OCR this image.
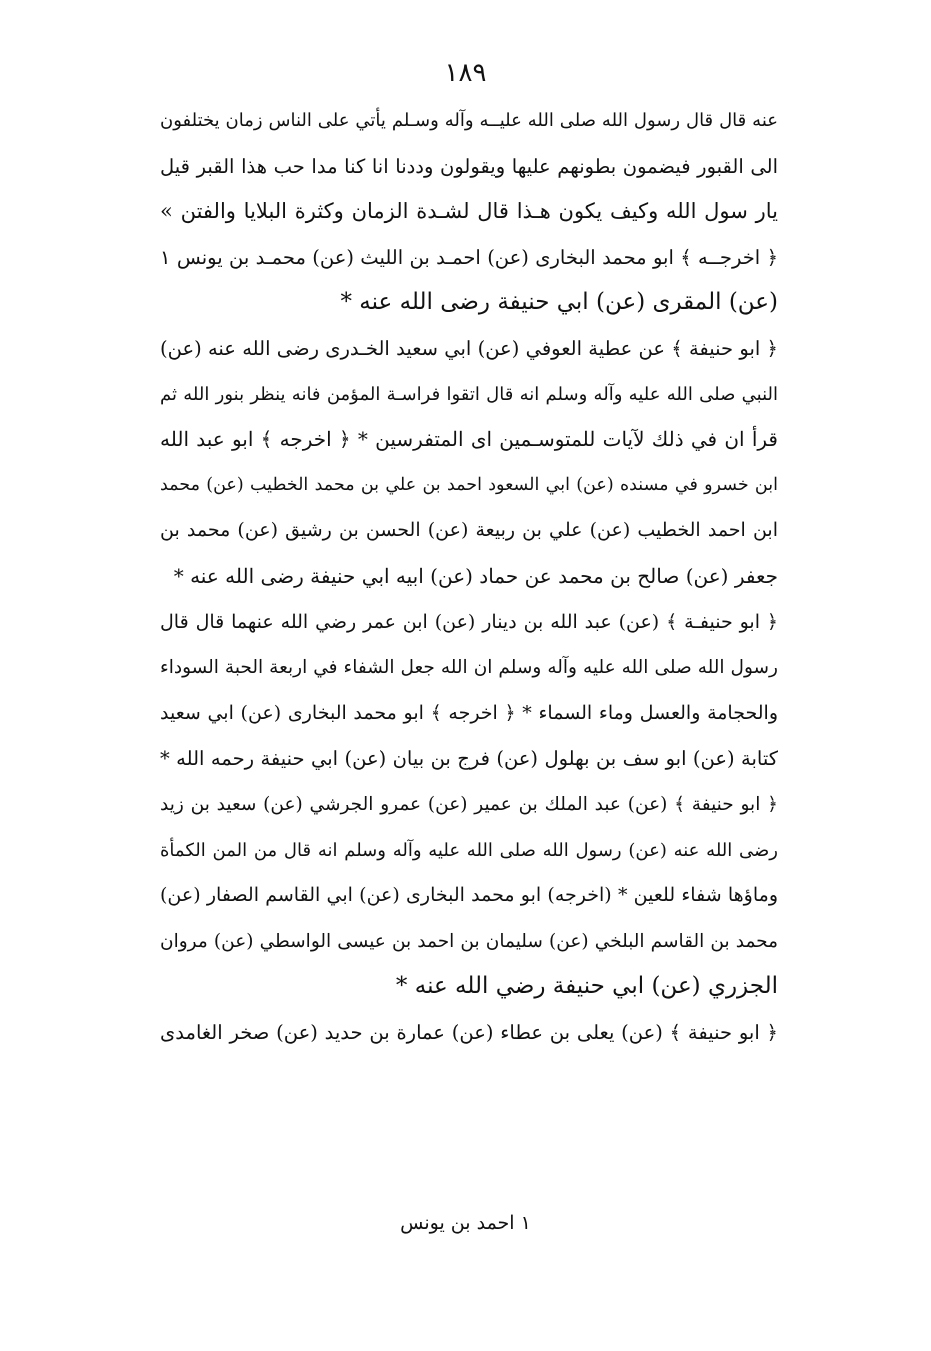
١٨٩
عنه قال قال رسول الله صلى الله عليــه وآله وسـلم يأتي على الناس زمان يختلفون
الى القبور فيضمون بطونهم عليها ويقولون وددنا انا كنا مدا حب هذا القبر قيل
يار سول الله وكيف يكون هـذا قال لشـدة الزمان وكثرة البلايا والفتن »
﴿ اخرجــه ﴾ ابو محمد البخارى (عن) احمـد بن الليث (عن) محمـد بن يونس ١
(عن) المقرى (عن) ابي حنيفة رضى الله عنه *
﴿ ابو حنيفة ﴾ عن عطية العوفي (عن) ابي سعيد الخـدرى رضى الله عنه (عن)
النبي صلى الله عليه وآله وسلم انه قال اتقوا فراسـة المؤمن فانه ينظر بنور الله ثم
قرأ ان في ذلك لآيات للمتوسـمين اى المتفرسين * ﴿ اخرجه ﴾ ابو عبد الله
ابن خسرو في مسنده (عن) ابي السعود احمد بن علي بن محمد الخطيب (عن) محمد
ابن احمد الخطيب (عن) علي بن ربيعة (عن) الحسن بن رشيق (عن) محمد بن
جعفر (عن) صالح بن محمد عن حماد (عن) ابيه ابي حنيفة رضى الله عنه *
﴿ ابو حنيفـة ﴾ (عن) عبد الله بن دينار (عن) ابن عمر رضي الله عنهما قال قال
رسول الله صلى الله عليه وآله وسلم ان الله جعل الشفاء في اربعة الحبة السوداء
والحجامة والعسل وماء السماء * ﴿ اخرجه ﴾ ابو محمد البخارى (عن) ابي سعيد
كتابة (عن) ابو سف بن بهلول (عن) فرج بن بيان (عن) ابي حنيفة رحمه الله *
﴿ ابو حنيفة ﴾ (عن) عبد الملك بن عمير (عن) عمرو الجرشي (عن) سعيد بن زيد
رضى الله عنه (عن) رسول الله صلى الله عليه وآله وسلم انه قال من المن الكمأة
وماؤها شفاء للعين * (اخرجه) ابو محمد البخارى (عن) ابي القاسم الصفار (عن)
محمد بن القاسم البلخي (عن) سليمان بن احمد بن عيسى الواسطي (عن) مروان
الجزري (عن) ابي حنيفة رضي الله عنه *
﴿ ابو حنيفة ﴾ (عن) يعلى بن عطاء (عن) عمارة بن حديد (عن) صخر الغامدى
١ احمد بن يونس
